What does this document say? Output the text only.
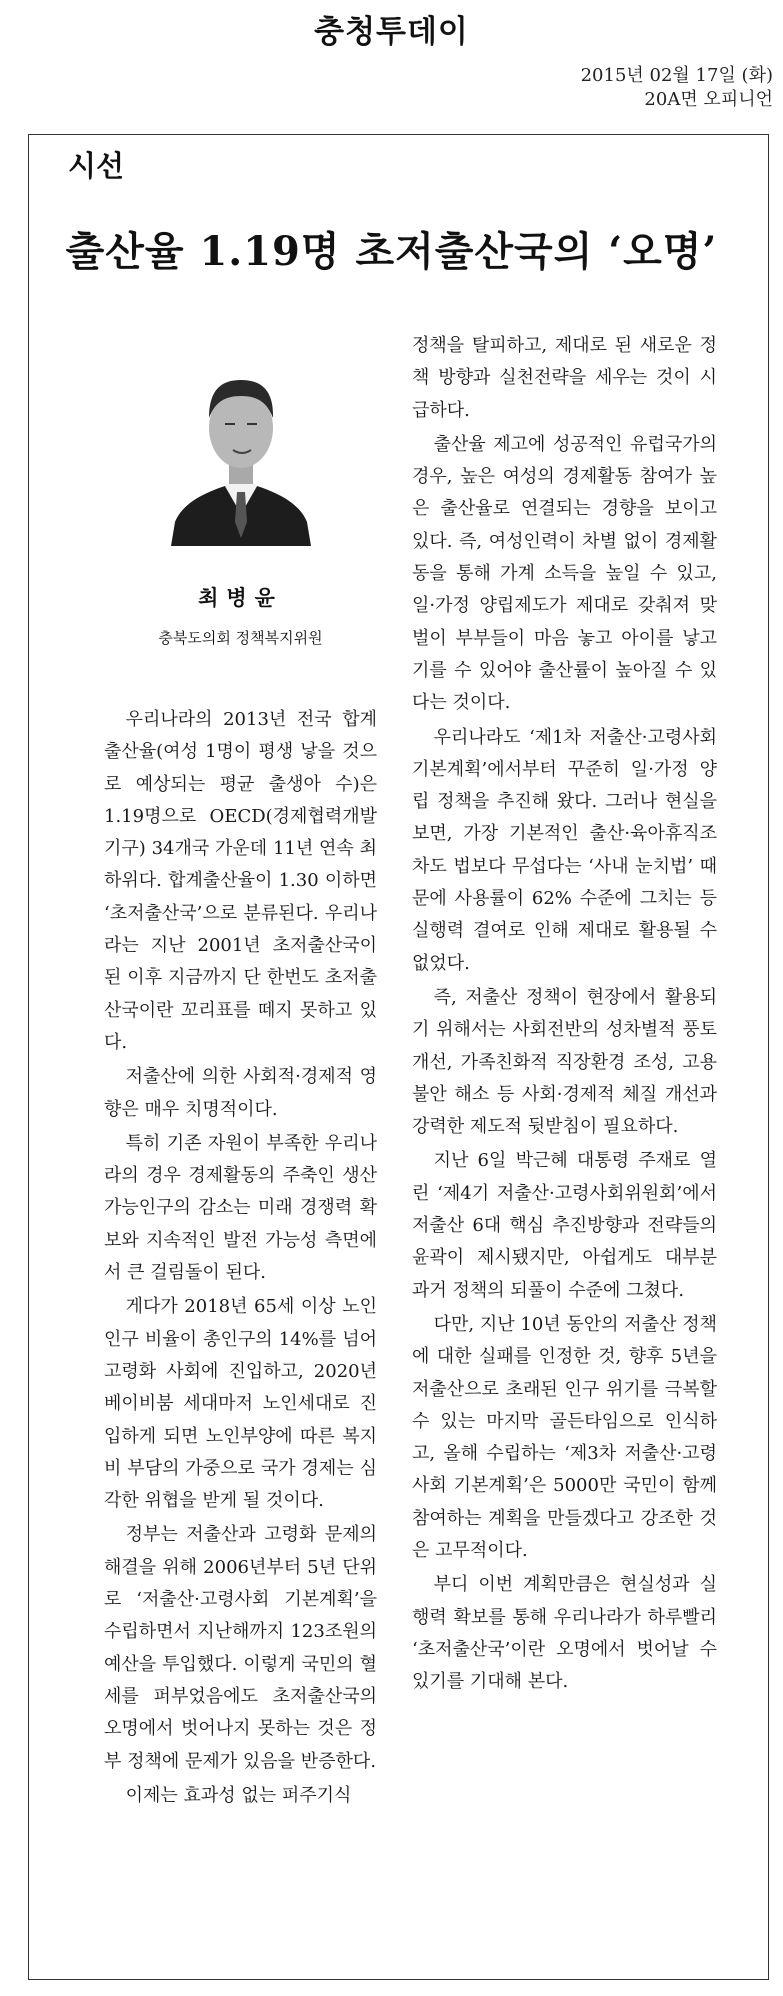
충청투데이
2015년 02월 17일 (화)
20A면 오피니언
시선
출산율 1.19명 초저출산국의 ‘오명’
최병윤
충북도의회 정책복지위원

우리나라의 2013년 전국 합계출산율(여성 1명이 평생 낳을 것으로 예상되는 평균 출생아 수)은 1.19명으로 OECD(경제협력개발기구) 34개국 가운데 11년 연속 최하위다. 합계출산율이 1.30 이하면 ‘초저출산국’으로 분류된다. 우리나라는 지난 2001년 초저출산국이 된 이후 지금까지 단 한번도 초저출산국이란 꼬리표를 떼지 못하고 있다.

저출산에 의한 사회적·경제적 영향은 매우 치명적이다.

특히 기존 자원이 부족한 우리나라의 경우 경제활동의 주축인 생산가능인구의 감소는 미래 경쟁력 확보와 지속적인 발전 가능성 측면에서 큰 걸림돌이 된다.

게다가 2018년 65세 이상 노인인구 비율이 총인구의 14%를 넘어 고령화 사회에 진입하고, 2020년 베이비붐 세대마저 노인세대로 진입하게 되면 노인부양에 따른 복지비 부담의 가중으로 국가 경제는 심각한 위협을 받게 될 것이다.

정부는 저출산과 고령화 문제의 해결을 위해 2006년부터 5년 단위로 ‘저출산·고령사회 기본계획’을 수립하면서 지난해까지 123조원의 예산을 투입했다. 이렇게 국민의 혈세를 퍼부었음에도 초저출산국의 오명에서 벗어나지 못하는 것은 정부 정책에 문제가 있음을 반증한다.

이제는 효과성 없는 퍼주기식

정책을 탈피하고, 제대로 된 새로운 정책 방향과 실천전략을 세우는 것이 시급하다.

출산율 제고에 성공적인 유럽국가의 경우, 높은 여성의 경제활동 참여가 높은 출산율로 연결되는 경향을 보이고 있다. 즉, 여성인력이 차별 없이 경제활동을 통해 가계 소득을 높일 수 있고, 일·가정 양립제도가 제대로 갖춰져 맞벌이 부부들이 마음 놓고 아이를 낳고 기를 수 있어야 출산률이 높아질 수 있다는 것이다.

우리나라도 ‘제1차 저출산·고령사회 기본계획’에서부터 꾸준히 일·가정 양립 정책을 추진해 왔다. 그러나 현실을 보면, 가장 기본적인 출산·육아휴직조차도 법보다 무섭다는 ‘사내 눈치법’ 때문에 사용률이 62% 수준에 그치는 등 실행력 결여로 인해 제대로 활용될 수 없었다.

즉, 저출산 정책이 현장에서 활용되기 위해서는 사회전반의 성차별적 풍토 개선, 가족친화적 직장환경 조성, 고용불안 해소 등 사회·경제적 체질 개선과 강력한 제도적 뒷받침이 필요하다.

지난 6일 박근혜 대통령 주재로 열린 ‘제4기 저출산·고령사회위원회’에서 저출산 6대 핵심 추진방향과 전략들의 윤곽이 제시됐지만, 아쉽게도 대부분 과거 정책의 되풀이 수준에 그쳤다.

다만, 지난 10년 동안의 저출산 정책에 대한 실패를 인정한 것, 향후 5년을 저출산으로 초래된 인구 위기를 극복할 수 있는 마지막 골든타임으로 인식하고, 올해 수립하는 ‘제3차 저출산·고령사회 기본계획’은 5000만 국민이 함께 참여하는 계획을 만들겠다고 강조한 것은 고무적이다.

부디 이번 계획만큼은 현실성과 실행력 확보를 통해 우리나라가 하루빨리 ‘초저출산국’이란 오명에서 벗어날 수 있기를 기대해 본다.
